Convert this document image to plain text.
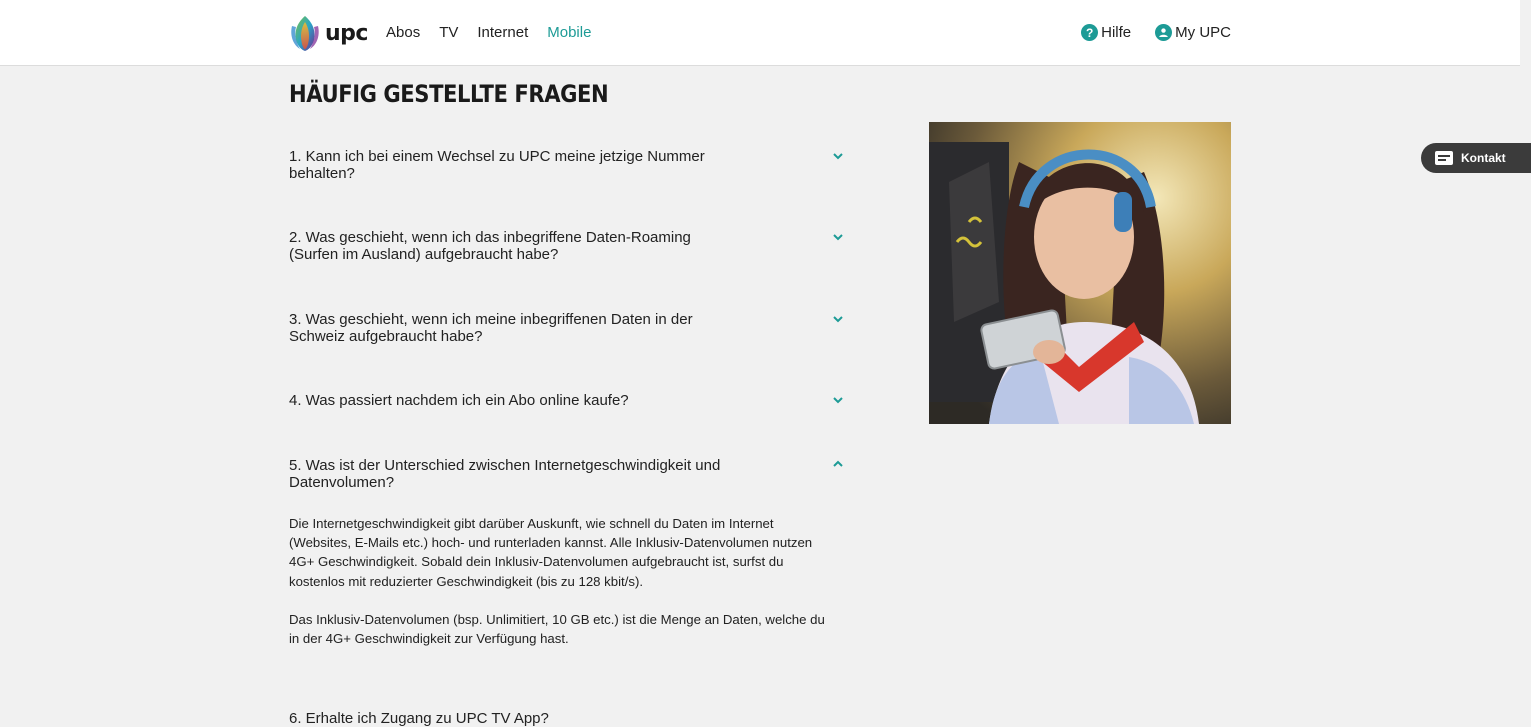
upc Abos TV Internet Mobile	? Hilfe	My UPC
HÄUFIG GESTELLTE FRAGEN
1. Kann ich bei einem Wechsel zu UPC meine jetzige Nummer behalten?
2. Was geschieht, wenn ich das inbegriffene Daten-Roaming (Surfen im Ausland) aufgebraucht habe?
3. Was geschieht, wenn ich meine inbegriffenen Daten in der Schweiz aufgebraucht habe?
4. Was passiert nachdem ich ein Abo online kaufe?
5. Was ist der Unterschied zwischen Internetgeschwindigkeit und Datenvolumen?

Die Internetgeschwindigkeit gibt darüber Auskunft, wie schnell du Daten im Internet (Websites, E-Mails etc.) hoch- und runterladen kannst. Alle Inklusiv-Datenvolumen nutzen 4G+ Geschwindigkeit. Sobald dein Inklusiv-Datenvolumen aufgebraucht ist, surfst du kostenlos mit reduzierter Geschwindigkeit (bis zu 128 kbit/s).

Das Inklusiv-Datenvolumen (bsp. Unlimitiert, 10 GB etc.) ist die Menge an Daten, welche du in der 4G+ Geschwindigkeit zur Verfügung hast.

6. Erhalte ich Zugang zu UPC TV App?
Kontakt
